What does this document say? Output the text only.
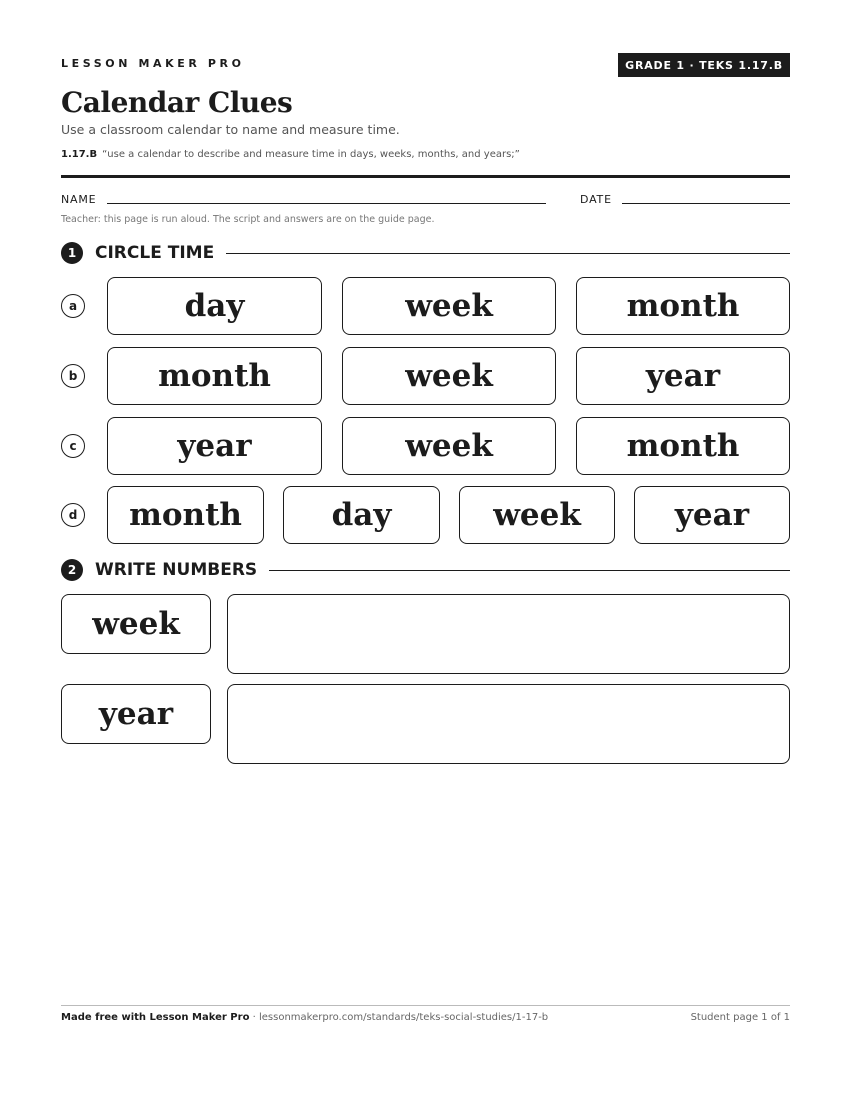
LESSON MAKER PRO	GRADE 1 · TEKS 1.17.B
Calendar Clues
Use a classroom calendar to name and measure time.
1.17.B “use a calendar to describe and measure time in days, weeks, months, and years;”
NAME	DATE
Teacher: this page is run aloud. The script and answers are on the guide page.
1	CIRCLE TIME
a	day	week	month
b	month	week	year
c	year	week	month
d	month	day	week	year
2	WRITE NUMBERS
week
year
Made free with Lesson Maker Pro · lessonmakerpro.com/standards/teks-social-studies/1-17-b	Student page 1 of 1
